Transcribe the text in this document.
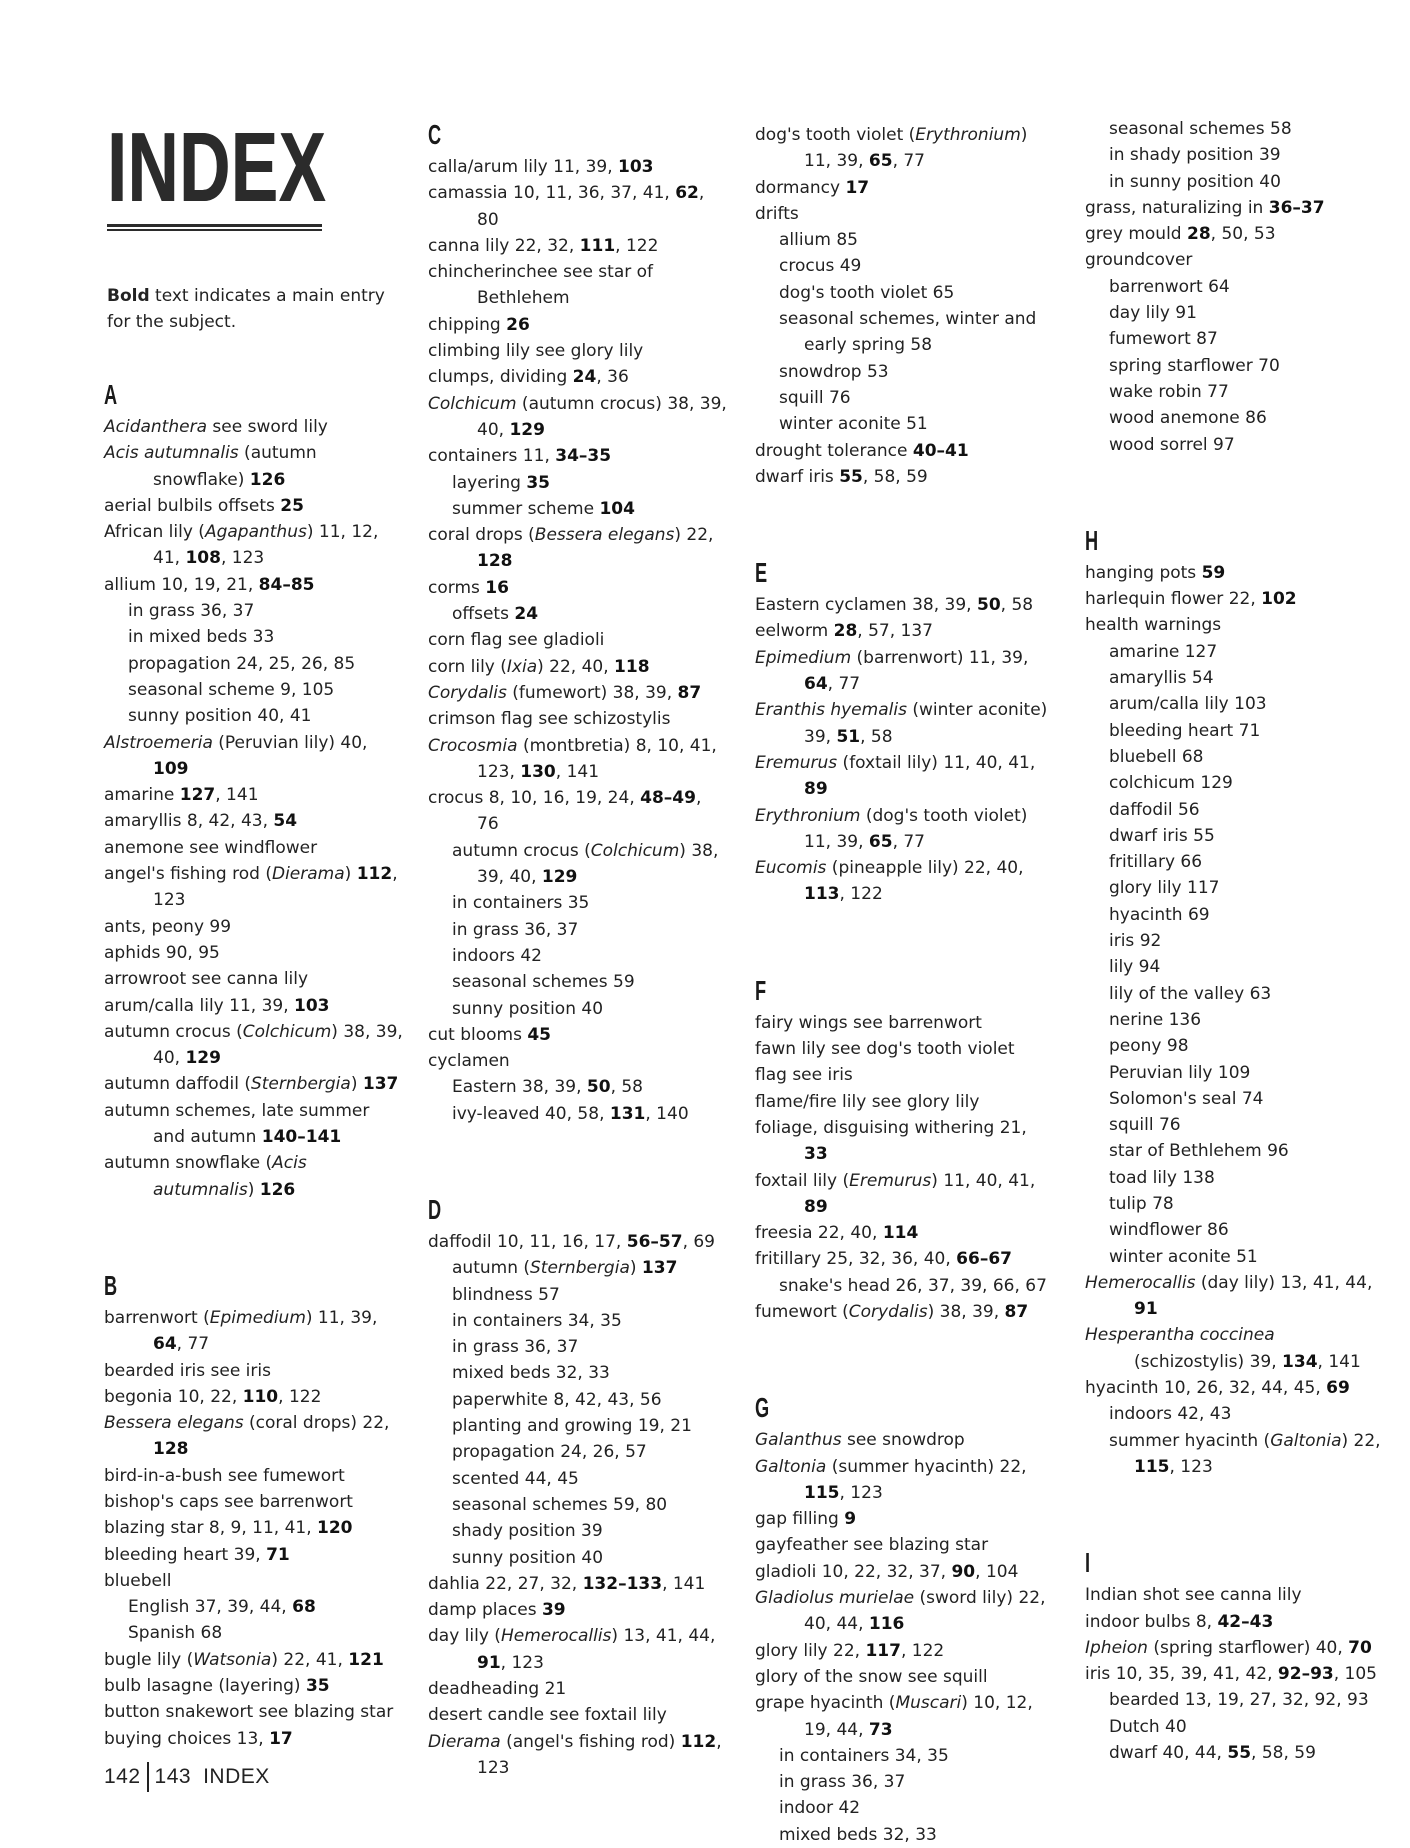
INDEX
Bold text indicates a main entry for the subject.
A
Acidanthera see sword lily
Acis autumnalis (autumn snowflake) 126
aerial bulbils offsets 25
African lily (Agapanthus) 11, 12, 41, 108, 123
allium 10, 19, 21, 84–85
in grass 36, 37
in mixed beds 33
propagation 24, 25, 26, 85
seasonal scheme 9, 105
sunny position 40, 41
Alstroemeria (Peruvian lily) 40, 109
amarine 127, 141
amaryllis 8, 42, 43, 54
anemone see windflower
angel's fishing rod (Dierama) 112, 123
ants, peony 99
aphids 90, 95
arrowroot see canna lily
arum/calla lily 11, 39, 103
autumn crocus (Colchicum) 38, 39, 40, 129
autumn daffodil (Sternbergia) 137
autumn schemes, late summer and autumn 140–141
autumn snowflake (Acis autumnalis) 126
B
barrenwort (Epimedium) 11, 39, 64, 77
bearded iris see iris
begonia 10, 22, 110, 122
Bessera elegans (coral drops) 22, 128
bird-in-a-bush see fumewort
bishop's caps see barrenwort
blazing star 8, 9, 11, 41, 120
bleeding heart 39, 71
bluebell
English 37, 39, 44, 68
Spanish 68
bugle lily (Watsonia) 22, 41, 121
bulb lasagne (layering) 35
button snakewort see blazing star
buying choices 13, 17
C
calla/arum lily 11, 39, 103
camassia 10, 11, 36, 37, 41, 62, 80
canna lily 22, 32, 111, 122
chincherinchee see star of Bethlehem
chipping 26
climbing lily see glory lily
clumps, dividing 24, 36
Colchicum (autumn crocus) 38, 39, 40, 129
containers 11, 34–35
layering 35
summer scheme 104
coral drops (Bessera elegans) 22, 128
corms 16
offsets 24
corn flag see gladioli
corn lily (Ixia) 22, 40, 118
Corydalis (fumewort) 38, 39, 87
crimson flag see schizostylis
Crocosmia (montbretia) 8, 10, 41, 123, 130, 141
crocus 8, 10, 16, 19, 24, 48–49, 76
autumn crocus (Colchicum) 38, 39, 40, 129
in containers 35
in grass 36, 37
indoors 42
seasonal schemes 59
sunny position 40
cut blooms 45
cyclamen
Eastern 38, 39, 50, 58
ivy-leaved 40, 58, 131, 140
D
daffodil 10, 11, 16, 17, 56–57, 69
autumn (Sternbergia) 137
blindness 57
in containers 34, 35
in grass 36, 37
mixed beds 32, 33
paperwhite 8, 42, 43, 56
planting and growing 19, 21
propagation 24, 26, 57
scented 44, 45
seasonal schemes 59, 80
shady position 39
sunny position 40
dahlia 22, 27, 32, 132–133, 141
damp places 39
day lily (Hemerocallis) 13, 41, 44, 91, 123
deadheading 21
desert candle see foxtail lily
Dierama (angel's fishing rod) 112, 123
dog's tooth violet (Erythronium) 11, 39, 65, 77
dormancy 17
drifts
allium 85
crocus 49
dog's tooth violet 65
seasonal schemes, winter and early spring 58
snowdrop 53
squill 76
winter aconite 51
drought tolerance 40–41
dwarf iris 55, 58, 59
E
Eastern cyclamen 38, 39, 50, 58
eelworm 28, 57, 137
Epimedium (barrenwort) 11, 39, 64, 77
Eranthis hyemalis (winter aconite) 39, 51, 58
Eremurus (foxtail lily) 11, 40, 41, 89
Erythronium (dog's tooth violet) 11, 39, 65, 77
Eucomis (pineapple lily) 22, 40, 113, 122
F
fairy wings see barrenwort
fawn lily see dog's tooth violet
flag see iris
flame/fire lily see glory lily
foliage, disguising withering 21, 33
foxtail lily (Eremurus) 11, 40, 41, 89
freesia 22, 40, 114
fritillary 25, 32, 36, 40, 66–67
snake's head 26, 37, 39, 66, 67
fumewort (Corydalis) 38, 39, 87
G
Galanthus see snowdrop
Galtonia (summer hyacinth) 22, 115, 123
gap filling 9
gayfeather see blazing star
gladioli 10, 22, 32, 37, 90, 104
Gladiolus murielae (sword lily) 22, 40, 44, 116
glory lily 22, 117, 122
glory of the snow see squill
grape hyacinth (Muscari) 10, 12, 19, 44, 73
in containers 34, 35
in grass 36, 37
indoor 42
mixed beds 32, 33
seasonal schemes 58
in shady position 39
in sunny position 40
grass, naturalizing in 36–37
grey mould 28, 50, 53
groundcover
barrenwort 64
day lily 91
fumewort 87
spring starflower 70
wake robin 77
wood anemone 86
wood sorrel 97
H
hanging pots 59
harlequin flower 22, 102
health warnings
amarine 127
amaryllis 54
arum/calla lily 103
bleeding heart 71
bluebell 68
colchicum 129
daffodil 56
dwarf iris 55
fritillary 66
glory lily 117
hyacinth 69
iris 92
lily 94
lily of the valley 63
nerine 136
peony 98
Peruvian lily 109
Solomon's seal 74
squill 76
star of Bethlehem 96
toad lily 138
tulip 78
windflower 86
winter aconite 51
Hemerocallis (day lily) 13, 41, 44, 91
Hesperantha coccinea (schizostylis) 39, 134, 141
hyacinth 10, 26, 32, 44, 45, 69
indoors 42, 43
summer hyacinth (Galtonia) 22, 115, 123
I
Indian shot see canna lily
indoor bulbs 8, 42–43
Ipheion (spring starflower) 40, 70
iris 10, 35, 39, 41, 42, 92–93, 105
bearded 13, 19, 27, 32, 92, 93
Dutch 40
dwarf 40, 44, 55, 58, 59
142 143 INDEX
